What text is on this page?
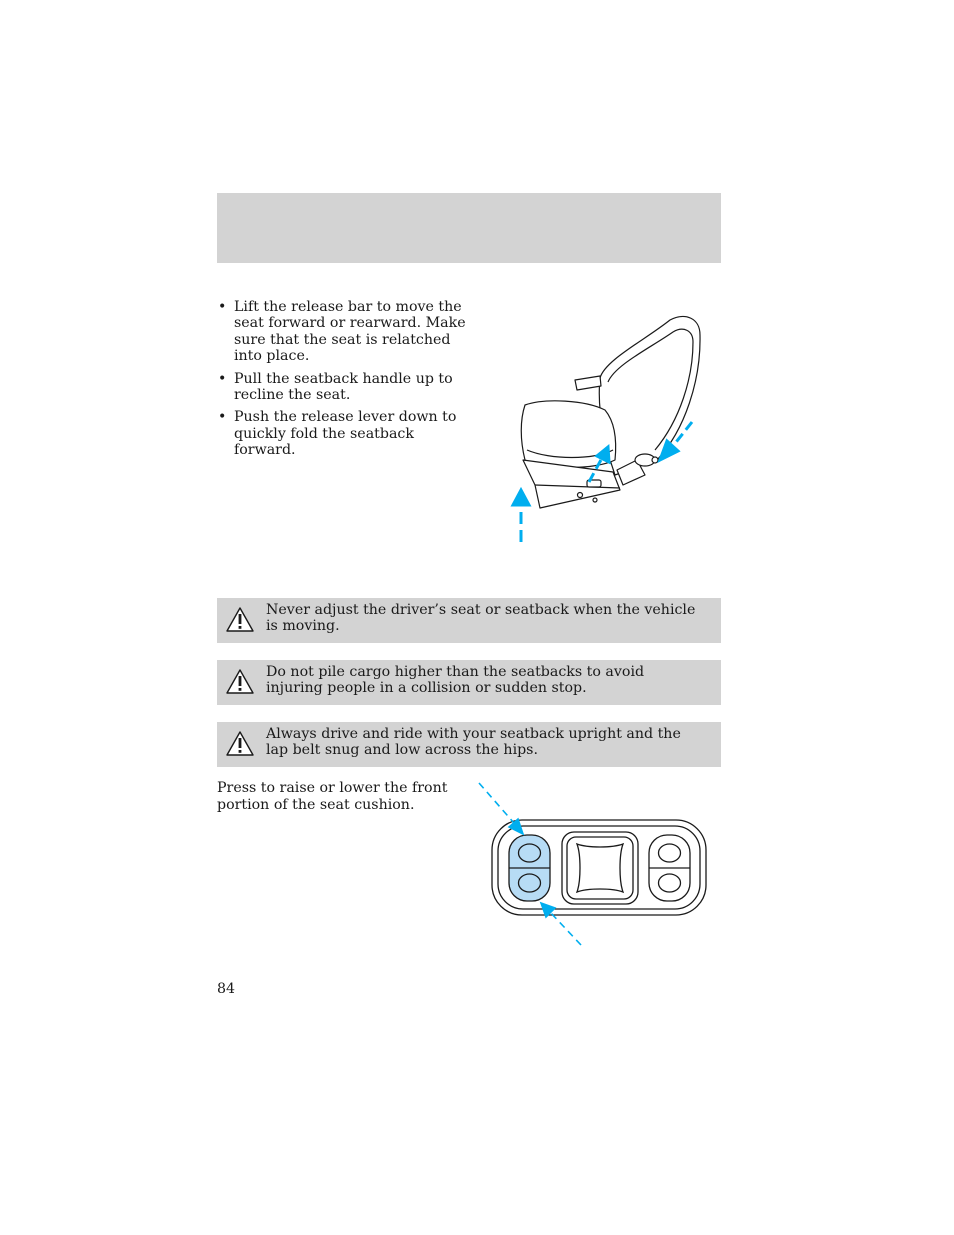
• Lift the release bar to move the seat forward or rearward. Make sure that the seat is relatched into place.
• Pull the seatback handle up to recline the seat.
• Push the release lever down to quickly fold the seatback forward.
Never adjust the driver’s seat or seatback when the vehicle is moving.
Do not pile cargo higher than the seatbacks to avoid injuring people in a collision or sudden stop.
Always drive and ride with your seatback upright and the lap belt snug and low across the hips.
Press to raise or lower the front portion of the seat cushion.
84
